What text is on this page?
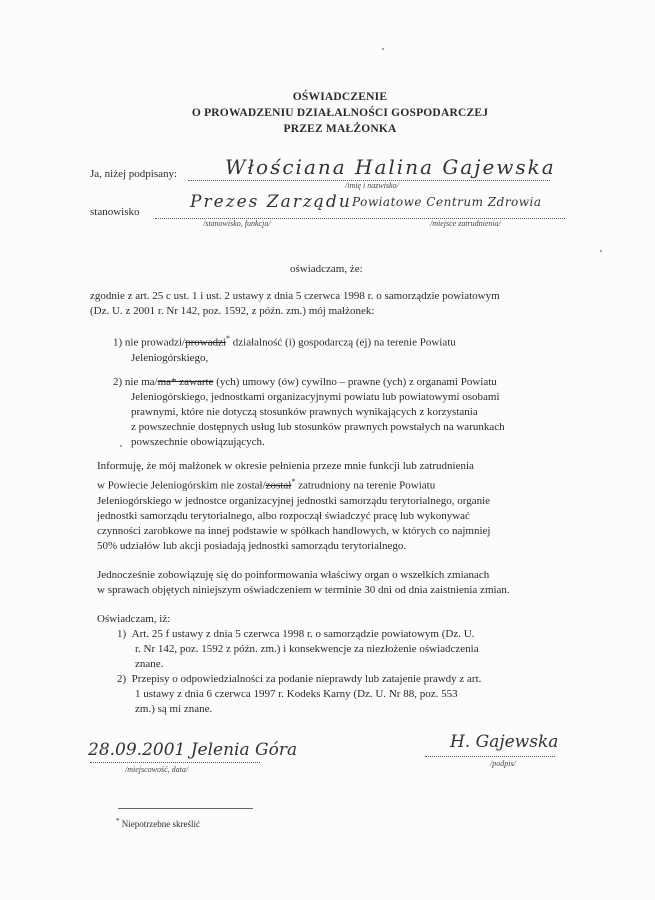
OŚWIADCZENIE
O PROWADZENIU DZIAŁALNOŚCI GOSPODARCZEJ
PRZEZ MAŁŻONKA
Ja, niżej podpisany: Włościana Halina Gajewska
/imię i nazwisko/
stanowisko	Prezes Zarządu Powiatowe Centrum Zdrowia
/stanowisko, funkcja/	/miejsce zatrudnienia/
oświadczam, że:
zgodnie z art. 25 c ust. 1 i ust. 2 ustawy z dnia 5 czerwca 1998 r. o samorządzie powiatowym
(Dz. U. z 2001 r. Nr 142, poz. 1592, z późn. zm.) mój małżonek:
1) nie prowadzi/prowadzi* działalność (i) gospodarczą (ej) na terenie Powiatu
Jeleniogórskiego,
2) nie ma/ma* zawarte (ych) umowy (ów) cywilno – prawne (ych) z organami Powiatu
Jeleniogórskiego, jednostkami organizacyjnymi powiatu lub powiatowymi osobami
prawnymi, które nie dotyczą stosunków prawnych wynikających z korzystania
z powszechnie dostępnych usług lub stosunków prawnych powstałych na warunkach
powszechnie obowiązujących.
Informuję, że mój małżonek w okresie pełnienia przeze mnie funkcji lub zatrudnienia
w Powiecie Jeleniogórskim nie został/został* zatrudniony na terenie Powiatu
Jeleniogórskiego w jednostce organizacyjnej jednostki samorządu terytorialnego, organie
jednostki samorządu terytorialnego, albo rozpoczął świadczyć pracę lub wykonywać
czynności zarobkowe na innej podstawie w spółkach handlowych, w których co najmniej
50% udziałów lub akcji posiadają jednostki samorządu terytorialnego.
Jednocześnie zobowiązuję się do poinformowania właściwy organ o wszelkich zmianach
w sprawach objętych niniejszym oświadczeniem w terminie 30 dni od dnia zaistnienia zmian.
Oświadczam, iż:
1) Art. 25 f ustawy z dnia 5 czerwca 1998 r. o samorządzie powiatowym (Dz. U.
r. Nr 142, poz. 1592 z późn. zm.) i konsekwencje za niezłożenie oświadczenia
znane.
2) Przepisy o odpowiedzialności za podanie nieprawdy lub zatajenie prawdy z art.
1 ustawy z dnia 6 czerwca 1997 r. Kodeks Karny (Dz. U. Nr 88, poz. 553
zm.) są mi znane.
28.09.2001 Jelenia Góra
/miejscowość, data/
H. Gajewska
/podpis/
* Niepotrzebne skreślić
